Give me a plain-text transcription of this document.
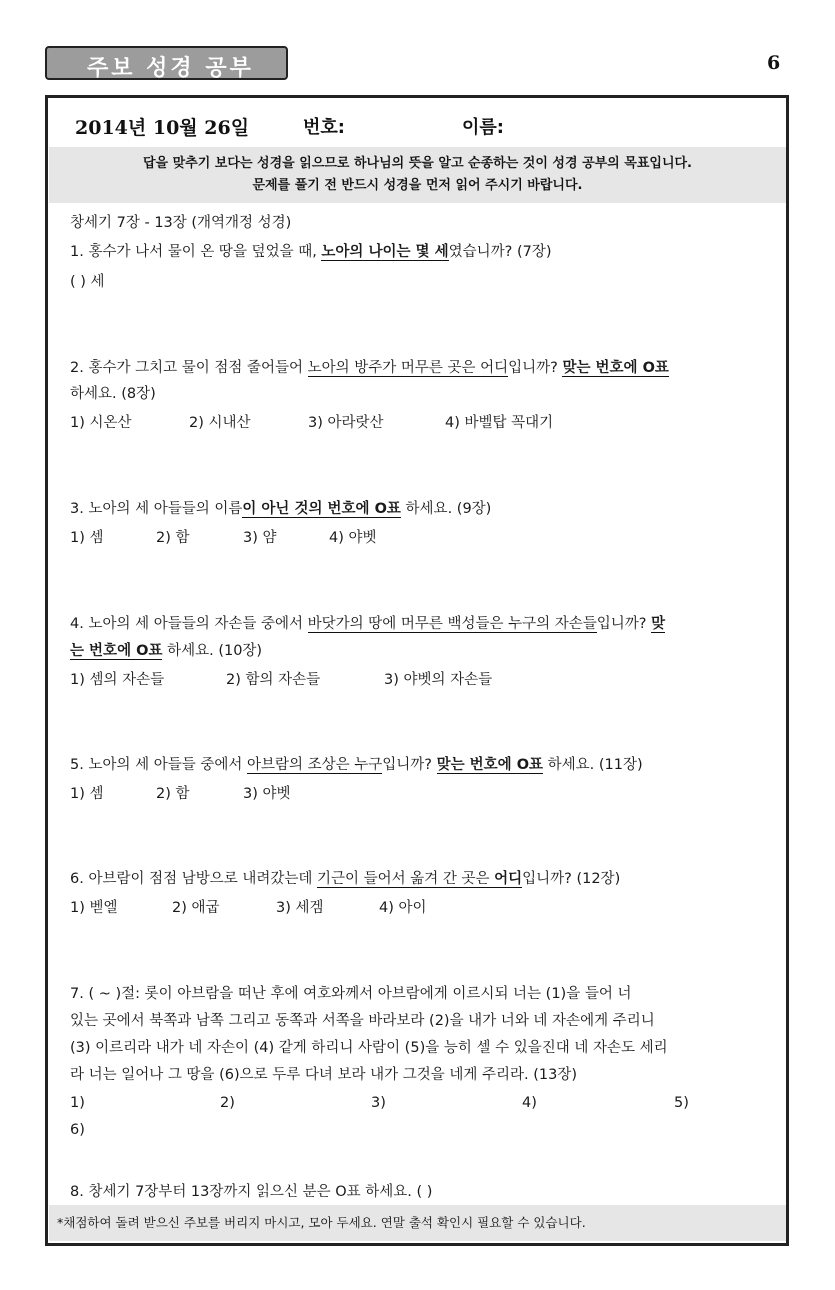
주보 성경 공부	6
2014년 10월 26일	번호:	이름:
답을 맞추기 보다는 성경을 읽으므로 하나님의 뜻을 알고 순종하는 것이 성경 공부의 목표입니다.
문제를 풀기 전 반드시 성경을 먼저 읽어 주시기 바랍니다.
창세기 7장 - 13장 (개역개정 성경)
1. 홍수가 나서 물이 온 땅을 덮었을 때, 노아의 나이는 몇 세였습니까? (7장)
( ) 세
2. 홍수가 그치고 물이 점점 줄어들어 노아의 방주가 머무른 곳은 어디입니까? 맞는 번호에 O표
하세요. (8장)
1) 시온산	2) 시내산	3) 아라랏산	4) 바벨탑 꼭대기
3. 노아의 세 아들들의 이름이 아닌 것의 번호에 O표 하세요. (9장)
1) 셈	2) 함	3) 얌	4) 야벳
4. 노아의 세 아들들의 자손들 중에서 바닷가의 땅에 머무른 백성들은 누구의 자손들입니까? 맞
는 번호에 O표 하세요. (10장)
1) 셈의 자손들	2) 함의 자손들	3) 야벳의 자손들
5. 노아의 세 아들들 중에서 아브람의 조상은 누구입니까? 맞는 번호에 O표 하세요. (11장)
1) 셈	2) 함	3) 야벳
6. 아브람이 점점 남방으로 내려갔는데 기근이 들어서 옮겨 간 곳은 어디입니까? (12장)
1) 벧엘	2) 애굽	3) 세겜	4) 아이
7. ( ~ )절: 롯이 아브람을 떠난 후에 여호와께서 아브람에게 이르시되 너는 (1)을 들어 너
있는 곳에서 북쪽과 남쪽 그리고 동쪽과 서쪽을 바라보라 (2)을 내가 너와 네 자손에게 주리니
(3) 이르리라 내가 네 자손이 (4) 같게 하리니 사람이 (5)을 능히 셀 수 있을진대 네 자손도 세리
라 너는 일어나 그 땅을 (6)으로 두루 다녀 보라 내가 그것을 네게 주리라. (13장)
1)	2)	3)	4)	5)
6)
8. 창세기 7장부터 13장까지 읽으신 분은 O표 하세요. ( )
*채점하여 돌려 받으신 주보를 버리지 마시고, 모아 두세요. 연말 출석 확인시 필요할 수 있습니다.
